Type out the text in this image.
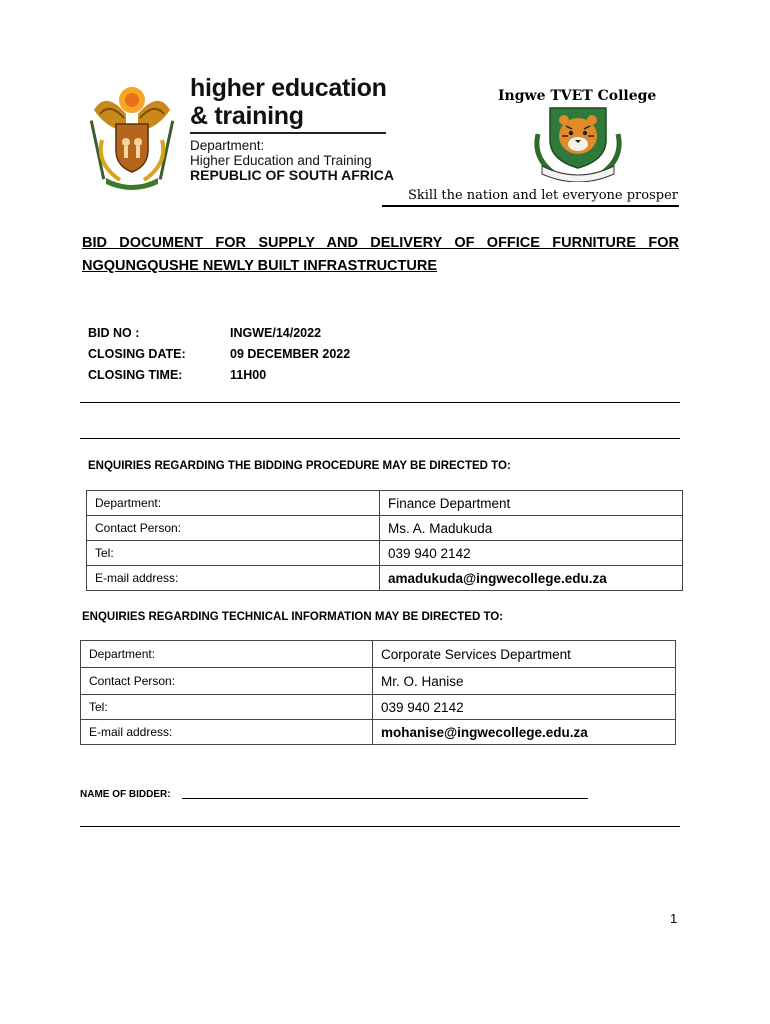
higher education
& training
Department:
Higher Education and Training
REPUBLIC OF SOUTH AFRICA
Ingwe TVET College
Skill the nation and let everyone prosper
BID DOCUMENT FOR SUPPLY AND DELIVERY OF OFFICE FURNITURE FOR NGQUNGQUSHE NEWLY BUILT INFRASTRUCTURE
BID NO :	INGWE/14/2022
CLOSING DATE:	09 DECEMBER 2022
CLOSING TIME:	11H00
ENQUIRIES REGARDING THE BIDDING PROCEDURE MAY BE DIRECTED TO:
Department:	Finance Department
Contact Person:	Ms. A. Madukuda
Tel:	039 940 2142
E-mail address:	amadukuda@ingwecollege.edu.za
ENQUIRIES REGARDING TECHNICAL INFORMATION MAY BE DIRECTED TO:
Department:	Corporate Services Department
Contact Person:	Mr. O. Hanise
Tel:	039 940 2142
E-mail address:	mohanise@ingwecollege.edu.za
NAME OF BIDDER:
1
